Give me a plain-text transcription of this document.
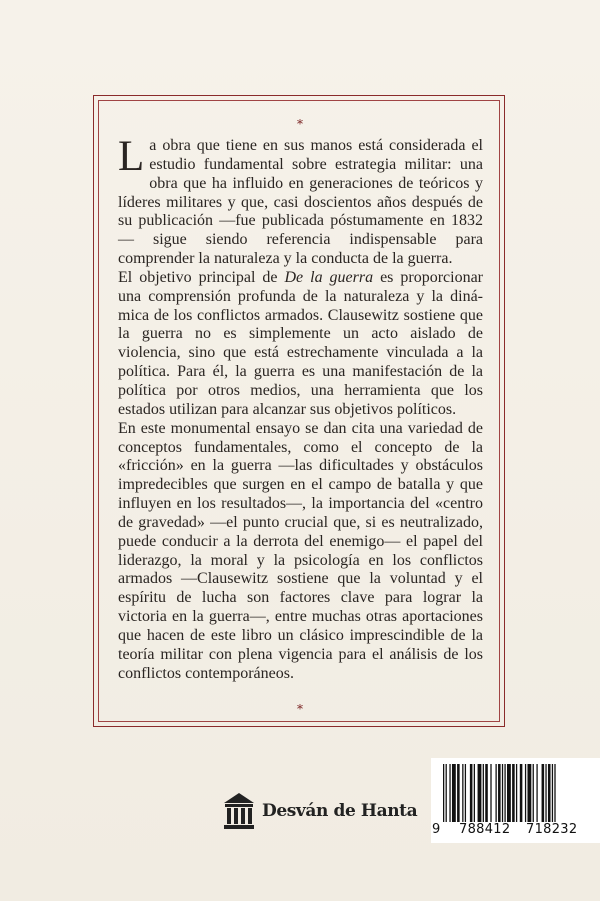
*

La obra que tiene en sus manos está considerada el estudio fundamental sobre estrategia militar: una obra que ha influido en generaciones de teóricos y líderes militares y que, casi doscientos años después de su publicación —fue publicada póstumamente en 1832— sigue siendo referencia indispensable para comprender la naturaleza y la conducta de la guerra.

El objetivo principal de De la guerra es proporcionar una comprensión profunda de la naturaleza y la dinámica de los conflictos armados. Clausewitz sostiene que la guerra no es simplemente un acto aislado de violencia, sino que está estrechamente vinculada a la política. Para él, la guerra es una manifestación de la política por otros medios, una herramienta que los estados utilizan para alcanzar sus objetivos políticos.

En este monumental ensayo se dan cita una variedad de conceptos fundamentales, como el concepto de la «fricción» en la guerra —las dificultades y obstáculos impredecibles que surgen en el campo de batalla y que influyen en los resultados—, la importancia del «centro de gravedad» —el punto crucial que, si es neutralizado, puede conducir a la derrota del enemigo— el papel del liderazgo, la moral y la psicología en los conflictos armados —Clausewitz sostiene que la voluntad y el espíritu de lucha son factores clave para lograr la victoria en la guerra—, entre muchas otras aportaciones que hacen de este libro un clásico imprescindible de la teoría militar con plena vigencia para el análisis de los conflictos contemporáneos.

*
Desván de Hanta
9 788412 718232
